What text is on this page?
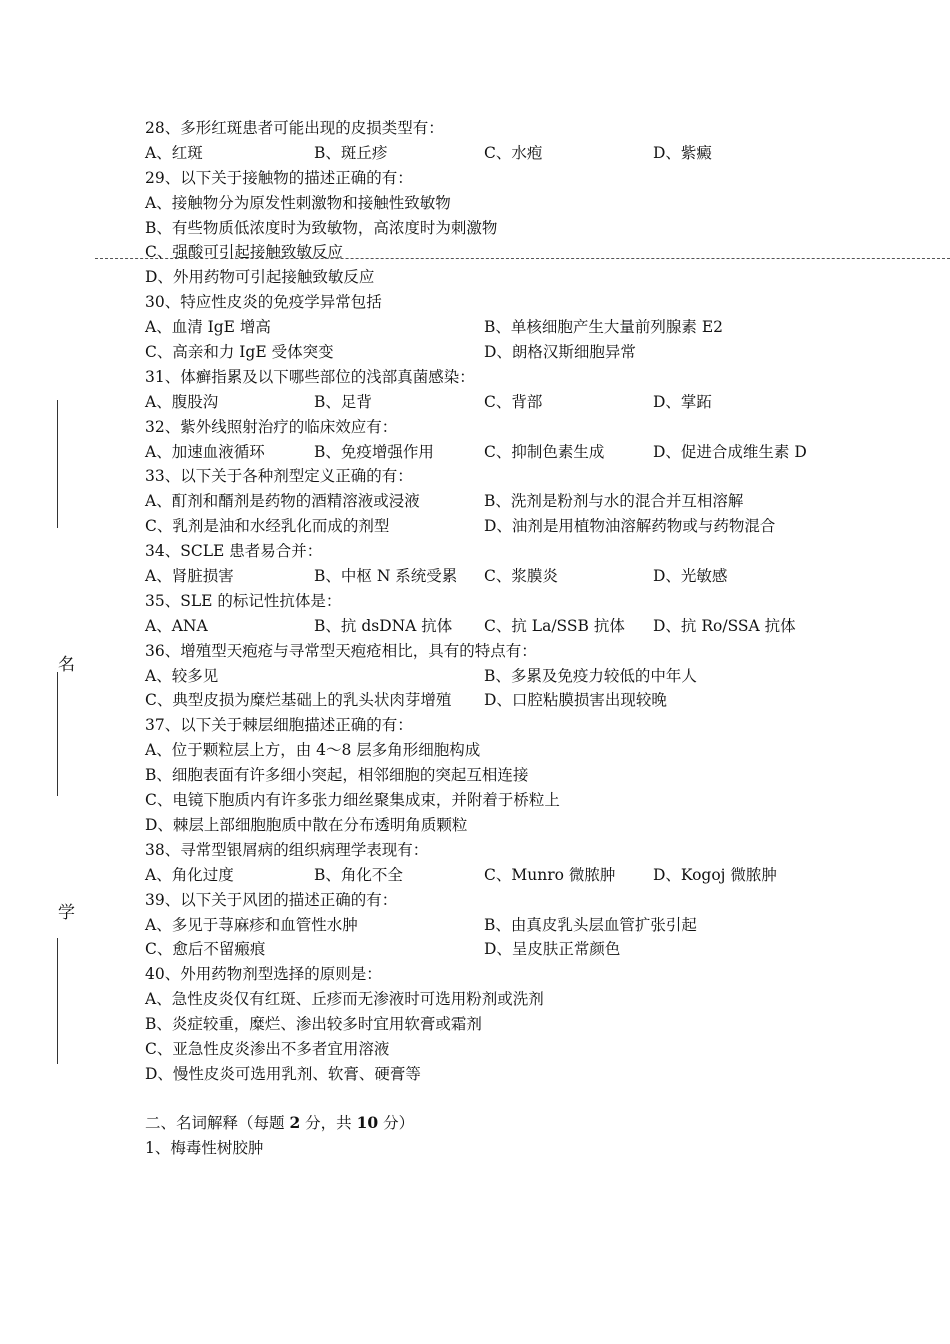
名
学
28、多形红斑患者可能出现的皮损类型有：
A、红斑	B、斑丘疹	C、水疱	D、紫癜
29、以下关于接触物的描述正确的有：
A、接触物分为原发性刺激物和接触性致敏物
B、有些物质低浓度时为致敏物，高浓度时为刺激物
C、强酸可引起接触致敏反应
D、外用药物可引起接触致敏反应
30、特应性皮炎的免疫学异常包括
A、血清 IgE 增高	B、单核细胞产生大量前列腺素 E2
C、高亲和力 IgE 受体突变	D、朗格汉斯细胞异常
31、体癣指累及以下哪些部位的浅部真菌感染：
A、腹股沟	B、足背	C、背部	D、掌跖
32、紫外线照射治疗的临床效应有：
A、加速血液循环	B、免疫增强作用	C、抑制色素生成	D、促进合成维生素 D
33、以下关于各种剂型定义正确的有：
A、酊剂和醑剂是药物的酒精溶液或浸液	B、洗剂是粉剂与水的混合并互相溶解
C、乳剂是油和水经乳化而成的剂型	D、油剂是用植物油溶解药物或与药物混合
34、SCLE 患者易合并：
A、肾脏损害	B、中枢 N 系统受累 C、浆膜炎	D、光敏感
35、SLE 的标记性抗体是：
A、ANA	B、抗 dsDNA 抗体 C、抗 La/SSB 抗体 D、抗 Ro/SSA 抗体
36、增殖型天疱疮与寻常型天疱疮相比，具有的特点有：
A、较多见	B、多累及免疫力较低的中年人
C、典型皮损为糜烂基础上的乳头状肉芽增殖 D、口腔粘膜损害出现较晚
37、以下关于棘层细胞描述正确的有：
A、位于颗粒层上方，由 4～8 层多角形细胞构成
B、细胞表面有许多细小突起，相邻细胞的突起互相连接
C、电镜下胞质内有许多张力细丝聚集成束，并附着于桥粒上
D、棘层上部细胞胞质中散在分布透明角质颗粒
38、寻常型银屑病的组织病理学表现有：
A、角化过度	B、角化不全	C、Munro 微脓肿 D、Kogoj 微脓肿
39、以下关于风团的描述正确的有：
A、多见于荨麻疹和血管性水肿	B、由真皮乳头层血管扩张引起
C、愈后不留瘢痕	D、呈皮肤正常颜色
40、外用药物剂型选择的原则是：
A、急性皮炎仅有红斑、丘疹而无渗液时可选用粉剂或洗剂
B、炎症较重，糜烂、渗出较多时宜用软膏或霜剂
C、亚急性皮炎渗出不多者宜用溶液
D、慢性皮炎可选用乳剂、软膏、硬膏等
二、名词解释（每题 2 分，共 10 分）
1、梅毒性树胶肿
